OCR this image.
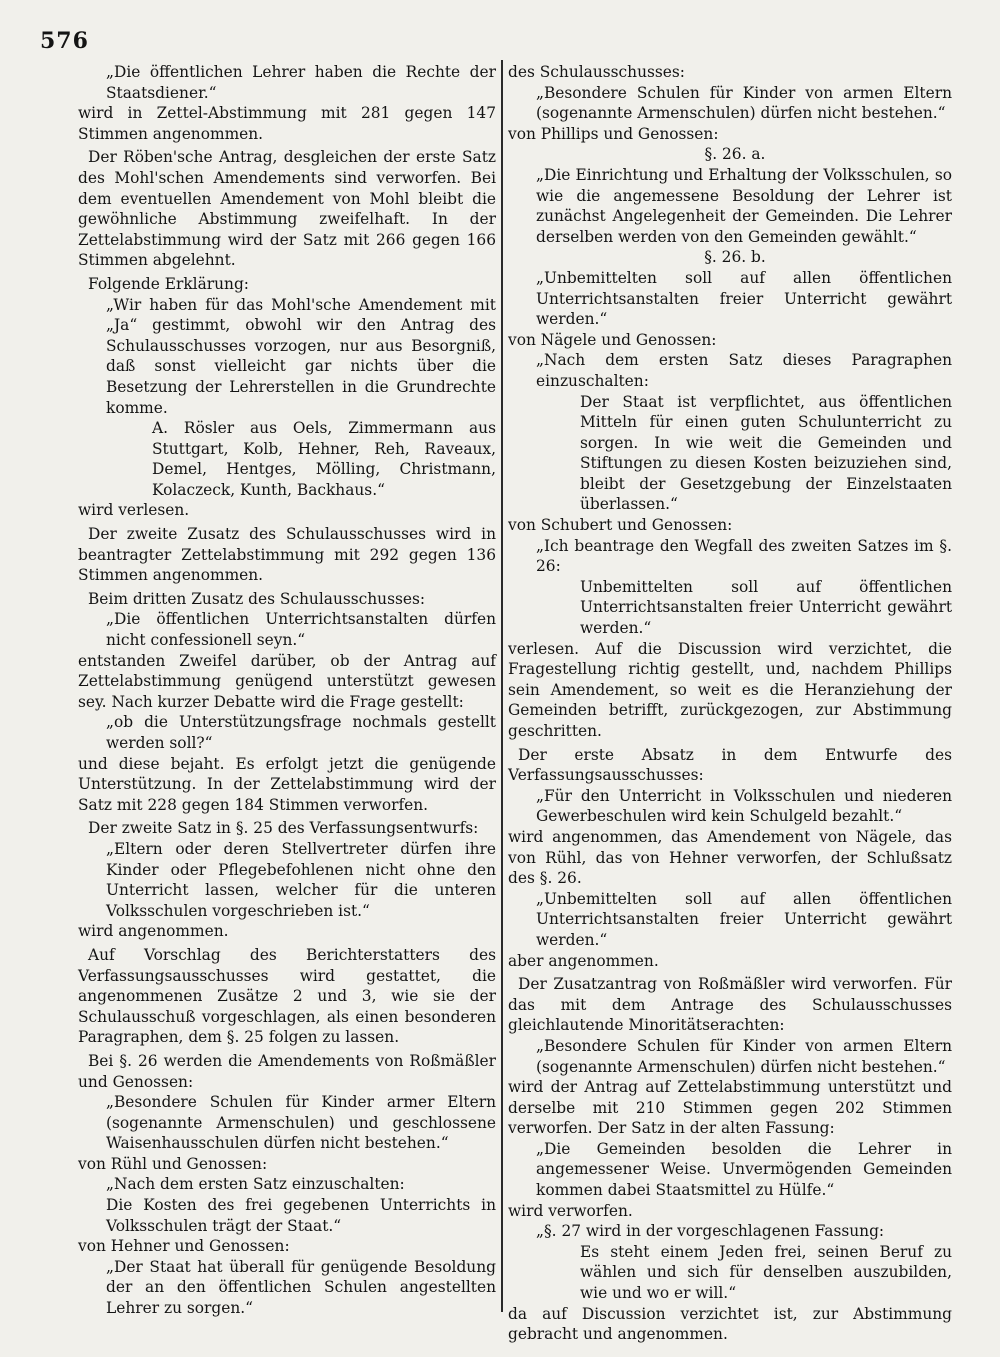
576

„Die öffentlichen Lehrer haben die Rechte der Staatsdiener.“

wird in Zettel-Abstimmung mit 281 gegen 147 Stimmen angenommen.

Der Röben'sche Antrag, desgleichen der erste Satz des Mohl'schen Amendements sind verworfen. Bei dem eventuellen Amendement von Mohl bleibt die gewöhnliche Abstimmung zweifelhaft. In der Zettelabstimmung wird der Satz mit 266 gegen 166 Stimmen abgelehnt.

Folgende Erklärung:

„Wir haben für das Mohl'sche Amendement mit „Ja“ gestimmt, obwohl wir den Antrag des Schulausschusses vorzogen, nur aus Besorgniß, daß sonst vielleicht gar nichts über die Besetzung der Lehrerstellen in die Grundrechte komme.

A. Rösler aus Oels, Zimmermann aus Stuttgart, Kolb, Hehner, Reh, Raveaux, Demel, Hentges, Mölling, Christmann, Kolaczeck, Kunth, Backhaus.“

wird verlesen.

Der zweite Zusatz des Schulausschusses wird in beantragter Zettelabstimmung mit 292 gegen 136 Stimmen angenommen.

Beim dritten Zusatz des Schulausschusses:

„Die öffentlichen Unterrichtsanstalten dürfen nicht confessionell seyn.“

entstanden Zweifel darüber, ob der Antrag auf Zettelabstimmung genügend unterstützt gewesen sey. Nach kurzer Debatte wird die Frage gestellt:

„ob die Unterstützungsfrage nochmals gestellt werden soll?“

und diese bejaht. Es erfolgt jetzt die genügende Unterstützung. In der Zettelabstimmung wird der Satz mit 228 gegen 184 Stimmen verworfen.

Der zweite Satz in §. 25 des Verfassungsentwurfs:

„Eltern oder deren Stellvertreter dürfen ihre Kinder oder Pflegebefohlenen nicht ohne den Unterricht lassen, welcher für die unteren Volksschulen vorgeschrieben ist.“

wird angenommen.

Auf Vorschlag des Berichterstatters des Verfassungsausschusses wird gestattet, die angenommenen Zusätze 2 und 3, wie sie der Schulausschuß vorgeschlagen, als einen besonderen Paragraphen, dem §. 25 folgen zu lassen.

Bei §. 26 werden die Amendements von Roßmäßler und Genossen:

„Besondere Schulen für Kinder armer Eltern (sogenannte Armenschulen) und geschlossene Waisenhausschulen dürfen nicht bestehen.“

von Rühl und Genossen:

„Nach dem ersten Satz einzuschalten:

Die Kosten des frei gegebenen Unterrichts in Volksschulen trägt der Staat.“

von Hehner und Genossen:

„Der Staat hat überall für genügende Besoldung der an den öffentlichen Schulen angestellten Lehrer zu sorgen.“

des Schulausschusses:

„Besondere Schulen für Kinder von armen Eltern (sogenannte Armenschulen) dürfen nicht bestehen.“

von Phillips und Genossen:

§. 26. a.

„Die Einrichtung und Erhaltung der Volksschulen, so wie die angemessene Besoldung der Lehrer ist zunächst Angelegenheit der Gemeinden. Die Lehrer derselben werden von den Gemeinden gewählt.“

§. 26. b.

„Unbemittelten soll auf allen öffentlichen Unterrichtsanstalten freier Unterricht gewährt werden.“

von Nägele und Genossen:

„Nach dem ersten Satz dieses Paragraphen einzuschalten:

Der Staat ist verpflichtet, aus öffentlichen Mitteln für einen guten Schulunterricht zu sorgen. In wie weit die Gemeinden und Stiftungen zu diesen Kosten beizuziehen sind, bleibt der Gesetzgebung der Einzelstaaten überlassen.“

von Schubert und Genossen:

„Ich beantrage den Wegfall des zweiten Satzes im §. 26:

Unbemittelten soll auf öffentlichen Unterrichtsanstalten freier Unterricht gewährt werden.“

verlesen. Auf die Discussion wird verzichtet, die Fragestellung richtig gestellt, und, nachdem Phillips sein Amendement, so weit es die Heranziehung der Gemeinden betrifft, zurückgezogen, zur Abstimmung geschritten.

Der erste Absatz in dem Entwurfe des Verfassungsausschusses:

„Für den Unterricht in Volksschulen und niederen Gewerbeschulen wird kein Schulgeld bezahlt.“

wird angenommen, das Amendement von Nägele, das von Rühl, das von Hehner verworfen, der Schlußsatz des §. 26.

„Unbemittelten soll auf allen öffentlichen Unterrichtsanstalten freier Unterricht gewährt werden.“

aber angenommen.

Der Zusatzantrag von Roßmäßler wird verworfen. Für das mit dem Antrage des Schulausschusses gleichlautende Minoritätserachten:

„Besondere Schulen für Kinder von armen Eltern (sogenannte Armenschulen) dürfen nicht bestehen.“

wird der Antrag auf Zettelabstimmung unterstützt und derselbe mit 210 Stimmen gegen 202 Stimmen verworfen. Der Satz in der alten Fassung:

„Die Gemeinden besolden die Lehrer in angemessener Weise. Unvermögenden Gemeinden kommen dabei Staatsmittel zu Hülfe.“

wird verworfen.

„§. 27 wird in der vorgeschlagenen Fassung:

Es steht einem Jeden frei, seinen Beruf zu wählen und sich für denselben auszubilden, wie und wo er will.“

da auf Discussion verzichtet ist, zur Abstimmung gebracht und angenommen.
